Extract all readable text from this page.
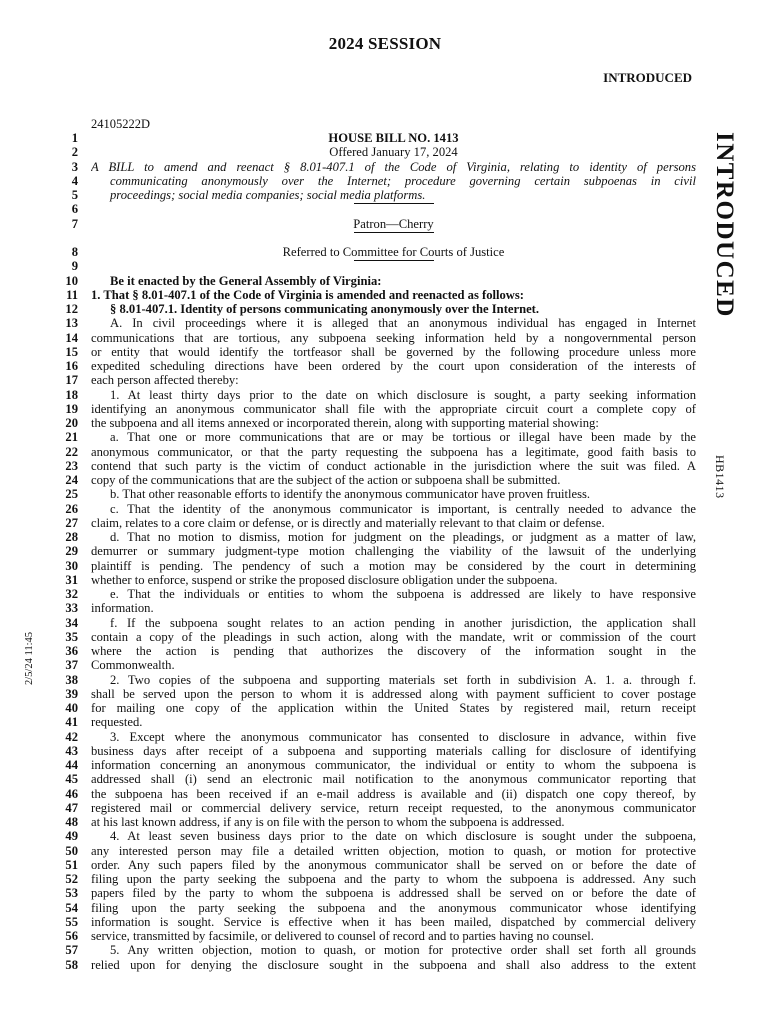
2024 SESSION
INTRODUCED
24105222D
INTRODUCED
HB1413
2/5/24 11:45
1	HOUSE BILL NO. 1413
2	Offered January 17, 2024
3 A BILL to amend and reenact § 8.01-407.1 of the Code of Virginia, relating to identity of persons
4	communicating anonymously over the Internet; procedure governing certain subpoenas in civil
5	proceedings; social media companies; social media platforms.
6
7	Patron—Cherry
8	Referred to Committee for Courts of Justice
9
10	Be it enacted by the General Assembly of Virginia:
11 1. That § 8.01-407.1 of the Code of Virginia is amended and reenacted as follows:
12	§ 8.01-407.1. Identity of persons communicating anonymously over the Internet.
13	A. In civil proceedings where it is alleged that an anonymous individual has engaged in Internet
14 communications that are tortious, any subpoena seeking information held by a nongovernmental person
15 or entity that would identify the tortfeasor shall be governed by the following procedure unless more
16 expedited scheduling directions have been ordered by the court upon consideration of the interests of
17 each person affected thereby:
18	1. At least thirty days prior to the date on which disclosure is sought, a party seeking information
19 identifying an anonymous communicator shall file with the appropriate circuit court a complete copy of
20 the subpoena and all items annexed or incorporated therein, along with supporting material showing:
21	a. That one or more communications that are or may be tortious or illegal have been made by the
22 anonymous communicator, or that the party requesting the subpoena has a legitimate, good faith basis to
23 contend that such party is the victim of conduct actionable in the jurisdiction where the suit was filed. A
24 copy of the communications that are the subject of the action or subpoena shall be submitted.
25	b. That other reasonable efforts to identify the anonymous communicator have proven fruitless.
26	c. That the identity of the anonymous communicator is important, is centrally needed to advance the
27 claim, relates to a core claim or defense, or is directly and materially relevant to that claim or defense.
28	d. That no motion to dismiss, motion for judgment on the pleadings, or judgment as a matter of law,
29 demurrer or summary judgment-type motion challenging the viability of the lawsuit of the underlying
30 plaintiff is pending. The pendency of such a motion may be considered by the court in determining
31 whether to enforce, suspend or strike the proposed disclosure obligation under the subpoena.
32	e. That the individuals or entities to whom the subpoena is addressed are likely to have responsive
33 information.
34	f. If the subpoena sought relates to an action pending in another jurisdiction, the application shall
35 contain a copy of the pleadings in such action, along with the mandate, writ or commission of the court
36 where the action is pending that authorizes the discovery of the information sought in the
37 Commonwealth.
38	2. Two copies of the subpoena and supporting materials set forth in subdivision A. 1. a. through f.
39 shall be served upon the person to whom it is addressed along with payment sufficient to cover postage
40 for mailing one copy of the application within the United States by registered mail, return receipt
41 requested.
42	3. Except where the anonymous communicator has consented to disclosure in advance, within five
43 business days after receipt of a subpoena and supporting materials calling for disclosure of identifying
44 information concerning an anonymous communicator, the individual or entity to whom the subpoena is
45 addressed shall (i) send an electronic mail notification to the anonymous communicator reporting that
46 the subpoena has been received if an e-mail address is available and (ii) dispatch one copy thereof, by
47 registered mail or commercial delivery service, return receipt requested, to the anonymous communicator
48 at his last known address, if any is on file with the person to whom the subpoena is addressed.
49	4. At least seven business days prior to the date on which disclosure is sought under the subpoena,
50 any interested person may file a detailed written objection, motion to quash, or motion for protective
51 order. Any such papers filed by the anonymous communicator shall be served on or before the date of
52 filing upon the party seeking the subpoena and the party to whom the subpoena is addressed. Any such
53 papers filed by the party to whom the subpoena is addressed shall be served on or before the date of
54 filing upon the party seeking the subpoena and the anonymous communicator whose identifying
55 information is sought. Service is effective when it has been mailed, dispatched by commercial delivery
56 service, transmitted by facsimile, or delivered to counsel of record and to parties having no counsel.
57	5. Any written objection, motion to quash, or motion for protective order shall set forth all grounds
58 relied upon for denying the disclosure sought in the subpoena and shall also address to the extent
